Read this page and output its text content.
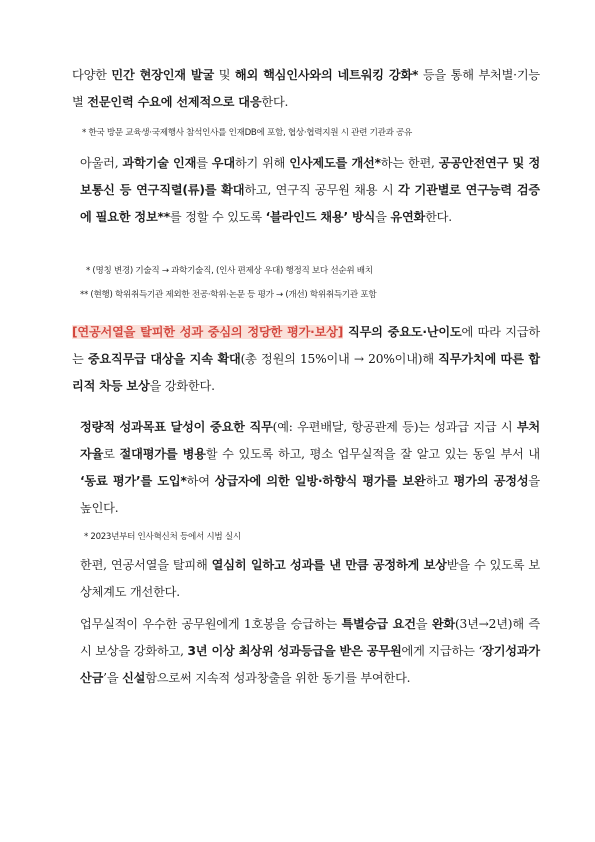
다양한 민간 현장인재 발굴 및 해외 핵심인사와의 네트워킹 강화* 등을 통해 부처별·기능별 전문인력 수요에 선제적으로 대응한다.
* 한국 방문 교육생·국제행사 참석인사를 인재DB에 포함, 협상·협력지원 시 관련 기관과 공유
아울러, 과학기술 인재를 우대하기 위해 인사제도를 개선*하는 한편, 공공안전연구 및 정보통신 등 연구직렬(류)를 확대하고, 연구직 공무원 채용 시 각 기관별로 연구능력 검증에 필요한 정보**를 정할 수 있도록 ‘블라인드 채용’ 방식을 유연화한다.
* (명칭 변경) 기술직 → 과학기술직, (인사 편제상 우대) 행정직 보다 선순위 배치
** (현행) 학위취득기관 제외한 전공·학위·논문 등 평가 → (개선) 학위취득기관 포함
[연공서열을 탈피한 성과 중심의 정당한 평가·보상] 직무의 중요도·난이도에 따라 지급하는 중요직무급 대상을 지속 확대(총 정원의 15%이내 → 20%이내)해 직무가치에 따른 합리적 차등 보상을 강화한다.
정량적 성과목표 달성이 중요한 직무(예: 우편배달, 항공관제 등)는 성과급 지급 시 부처 자율로 절대평가를 병용할 수 있도록 하고, 평소 업무실적을 잘 알고 있는 동일 부서 내 ‘동료 평가’를 도입*하여 상급자에 의한 일방·하향식 평가를 보완하고 평가의 공정성을 높인다.
* 2023년부터 인사혁신처 등에서 시범 실시
한편, 연공서열을 탈피해 열심히 일하고 성과를 낸 만큼 공정하게 보상받을 수 있도록 보상체계도 개선한다.
업무실적이 우수한 공무원에게 1호봉을 승급하는 특별승급 요건을 완화(3년→2년)해 즉시 보상을 강화하고, 3년 이상 최상위 성과등급을 받은 공무원에게 지급하는 ‘장기성과가산금’을 신설함으로써 지속적 성과창출을 위한 동기를 부여한다.
